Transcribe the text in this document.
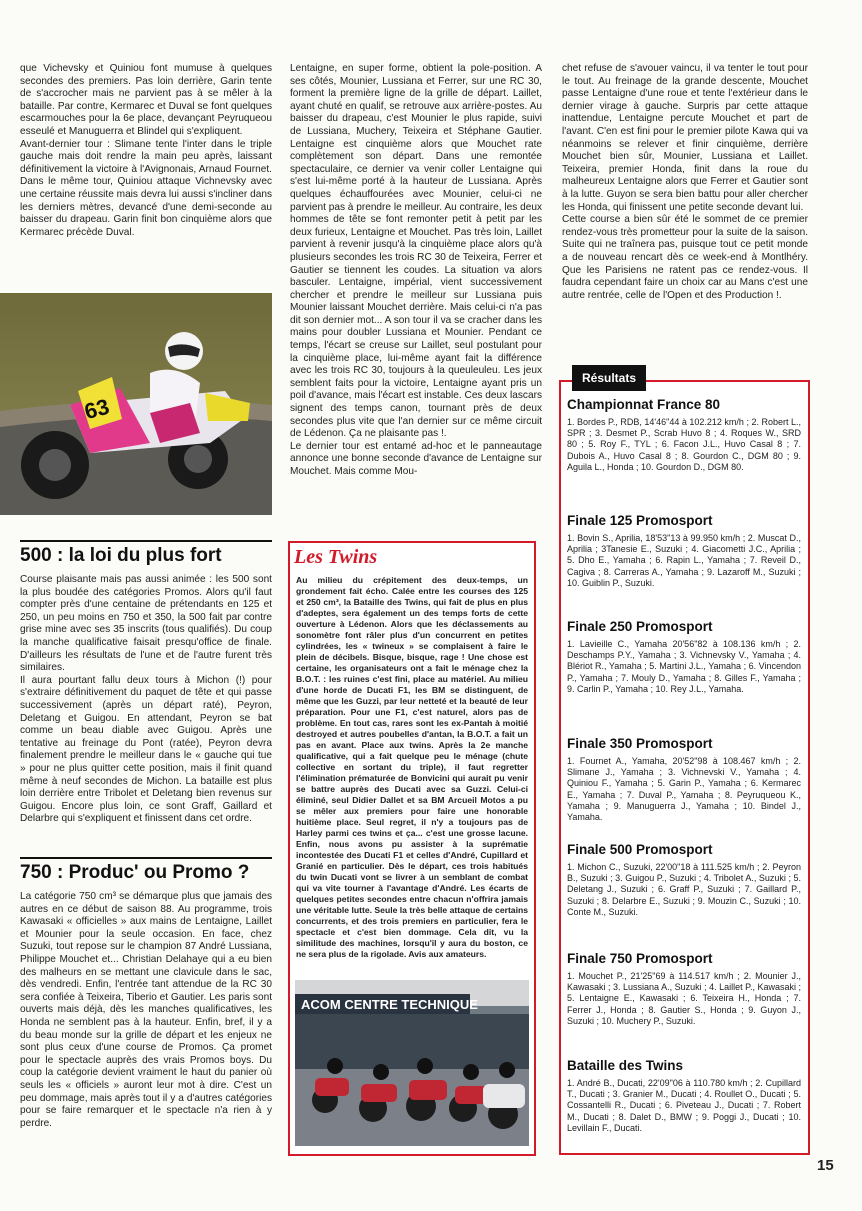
que Vichevsky et Quiniou font mumuse à quelques secondes des premiers. Pas loin derrière, Garin tente de s'accrocher mais ne parvient pas à se mêler à la bataille. Par contre, Kermarec et Duval se font quelques escarmouches pour la 6e place, devançant Peyruqueou esseulé et Manuguerra et Blindel qui s'expliquent.

Avant-dernier tour : Slimane tente l'inter dans le triple gauche mais doit rendre la main peu après, laissant définitivement la victoire à l'Avignonais, Arnaud Fournet. Dans le même tour, Quiniou attaque Vichnevsky avec une certaine réussite mais devra lui aussi s'incliner dans les derniers mètres, devancé d'une demi-seconde au baisser du drapeau. Garin finit bon cinquième alors que Kermarec précède Duval.

63
500 : la loi du plus fort

Course plaisante mais pas aussi animée : les 500 sont la plus boudée des catégories Promos. Alors qu'il faut compter près d'une centaine de prétendants en 125 et 250, un peu moins en 750 et 350, la 500 fait par contre grise mine avec ses 35 inscrits (tous qualifiés). Du coup la manche qualificative faisait presqu'office de finale. D'ailleurs les résultats de l'une et de l'autre furent très similaires.

Il aura pourtant fallu deux tours à Michon (!) pour s'extraire définitivement du paquet de tête et qui passe successivement (après un départ raté), Peyron, Deletang et Guigou. En attendant, Peyron se bat comme un beau diable avec Guigou. Après une tentative au freinage du Pont (ratée), Peyron devra finalement prendre le meilleur dans le « gauche qui tue » pour ne plus quitter cette position, mais il finit quand même à neuf secondes de Michon. La bataille est plus loin derrière entre Tribolet et Deletang bien revenus sur Guigou. Encore plus loin, ce sont Graff, Gaillard et Delarbre qui s'expliquent et finissent dans cet ordre.

750 : Produc' ou Promo ?

La catégorie 750 cm³ se démarque plus que jamais des autres en ce début de saison 88. Au programme, trois Kawasaki « officielles » aux mains de Lentaigne, Laillet et Mounier pour la seule occasion. En face, chez Suzuki, tout repose sur le champion 87 André Lussiana, Philippe Mouchet et... Christian Delahaye qui a eu bien des malheurs en se mettant une clavicule dans le sac, dès vendredi. Enfin, l'entrée tant attendue de la RC 30 sera confiée à Teixeira, Tiberio et Gautier. Les paris sont ouverts mais déjà, dès les manches qualificatives, les Honda ne semblent pas à la hauteur. Enfin, bref, il y a du beau monde sur la grille de départ et les enjeux ne sont plus ceux d'une course de Promos. Ça promet pour le spectacle auprès des vrais Promos boys. Du coup la catégorie devient vraiment le haut du panier où seuls les « officiels » auront leur mot à dire. C'est un peu dommage, mais après tout il y a d'autres catégories pour se faire remarquer et le spectacle n'a rien à y perdre.

Lentaigne, en super forme, obtient la pole-position. A ses côtés, Mounier, Lussiana et Ferrer, sur une RC 30, forment la première ligne de la grille de départ. Laillet, ayant chuté en qualif, se retrouve aux arrière-postes. Au baisser du drapeau, c'est Mounier le plus rapide, suivi de Lussiana, Muchery, Teixeira et Stéphane Gautier. Lentaigne est cinquième alors que Mouchet rate complètement son départ. Dans une remontée spectaculaire, ce dernier va venir coller Lentaigne qui s'est lui-même porté à la hauteur de Lussiana. Après quelques échauffourées avec Mounier, celui-ci ne parvient pas à prendre le meilleur. Au contraire, les deux hommes de tête se font remonter petit à petit par les deux furieux, Lentaigne et Mouchet. Pas très loin, Laillet parvient à revenir jusqu'à la cinquième place alors qu'à plusieurs secondes les trois RC 30 de Teixeira, Ferrer et Gautier se tiennent les coudes. La situation va alors basculer. Lentaigne, impérial, vient successivement chercher et prendre le meilleur sur Lussiana puis Mounier laissant Mouchet derrière. Mais celui-ci n'a pas dit son dernier mot... A son tour il va se cracher dans les mains pour doubler Lussiana et Mounier. Pendant ce temps, l'écart se creuse sur Laillet, seul postulant pour la cinquième place, lui-même ayant fait la différence avec les trois RC 30, toujours à la queuleuleu. Les jeux semblent faits pour la victoire, Lentaigne ayant pris un poil d'avance, mais l'écart est instable. Ces deux lascars signent des temps canon, tournant près de deux secondes plus vite que l'an dernier sur ce même circuit de Lédenon. Ça ne plaisante pas !.

Le dernier tour est entamé ad-hoc et le panneautage annonce une bonne seconde d'avance de Lentaigne sur Mouchet. Mais comme Mou-

Les Twins
Au milieu du crépitement des deux-temps, un grondement fait écho. Calée entre les courses des 125 et 250 cm³, la Bataille des Twins, qui fait de plus en plus d'adeptes, sera également un des temps forts de cette ouverture à Lédenon. Alors que les déclassements au sonomètre font râler plus d'un concurrent en petites cylindrées, les « twineux » se complaisent à faire le plein de décibels. Bisque, bisque, rage ! Une chose est certaine, les organisateurs ont a fait le ménage chez la B.O.T. : les ruines c'est fini, place au matériel. Au milieu d'une horde de Ducati F1, les BM se distinguent, de même que les Guzzi, par leur netteté et la beauté de leur préparation. Pour une F1, c'est naturel, alors pas de problème. En tout cas, rares sont les ex-Pantah à moitié destroyed et autres poubelles d'antan, la B.O.T. a fait un pas en avant. Place aux twins. Après la 2e manche qualificative, qui a fait quelque peu le ménage (chute collective en sortant du triple), il faut regretter l'élimination prématurée de Bonvicini qui aurait pu venir se battre auprès des Ducati avec sa Guzzi. Celui-ci éliminé, seul Didier Dallet et sa BM Arcueil Motos a pu se mêler aux premiers pour faire une honorable huitième place. Seul regret, il n'y a toujours pas de Harley parmi ces twins et ça... c'est une grosse lacune. Enfin, nous avons pu assister à la suprématie incontestée des Ducati F1 et celles d'André, Cupillard et Granié en particulier. Dès le départ, ces trois habitués du twin Ducati vont se livrer à un semblant de combat qui va vite tourner à l'avantage d'André. Les écarts de quelques petites secondes entre chacun n'offrira jamais une véritable lutte. Seule la très belle attaque de certains concurrents, et des trois premiers en particulier, fera le spectacle et c'est bien dommage. Cela dit, vu la similitude des machines, lorsqu'il y aura du boston, ce ne sera plus de la rigolade. Avis aux amateurs.
ACOM CENTRE TECHNIQUE

chet refuse de s'avouer vaincu, il va tenter le tout pour le tout. Au freinage de la grande descente, Mouchet passe Lentaigne d'une roue et tente l'extérieur dans le dernier virage à gauche. Surpris par cette attaque inattendue, Lentaigne percute Mouchet et part de l'avant. C'en est fini pour le premier pilote Kawa qui va néanmoins se relever et finir cinquième, derrière Mouchet bien sûr, Mounier, Lussiana et Laillet. Teixeira, premier Honda, finit dans la roue du malheureux Lentaigne alors que Ferrer et Gautier sont à la lutte. Guyon se sera bien battu pour aller chercher les Honda, qui finissent une petite seconde devant lui.

Cette course a bien sûr été le sommet de ce premier rendez-vous très prometteur pour la suite de la saison. Suite qui ne traînera pas, puisque tout ce petit monde a de nouveau rencart dès ce week-end à Montlhéry. Que les Parisiens ne ratent pas ce rendez-vous. Il faudra cependant faire un choix car au Mans c'est une autre rentrée, celle de l'Open et des Production !.

Championnat France 80
1. Bordes P., RDB, 14'46"44 à 102.212 km/h ; 2. Robert L., SPR ; 3. Desmet P., Scrab Huvo 8 ; 4. Roques W., SRD 80 ; 5. Roy F., TYL ; 6. Facon J.L., Huvo Casal 8 ; 7. Dubois A., Huvo Casal 8 ; 8. Gourdon C., DGM 80 ; 9. Aguila L., Honda ; 10. Gourdon D., DGM 80.
Finale 125 Promosport
1. Bovin S., Aprilia, 18'53"13 à 99.950 km/h ; 2. Muscat D., Aprilia ; 3Tanesie E., Suzuki ; 4. Giacometti J.C., Aprilia ; 5. Dho E., Yamaha ; 6. Rapin L., Yamaha ; 7. Reveil D., Cagiva ; 8. Carreras A., Yamaha ; 9. Lazaroff M., Suzuki ; 10. Guiblin P., Suzuki.
Finale 250 Promosport
1. Lavieille C., Yamaha 20'56"82 à 108.136 km/h ; 2. Deschamps P.Y., Yamaha ; 3. Vichnevsky V., Yamaha ; 4. Blériot R., Yamaha ; 5. Martini J.L., Yamaha ; 6. Vincendon P., Yamaha ; 7. Mouly D., Yamaha ; 8. Gilles F., Yamaha ; 9. Carlin P., Yamaha ; 10. Rey J.L., Yamaha.
Finale 350 Promosport
1. Fournet A., Yamaha, 20'52"98 à 108.467 km/h ; 2. Slimane J., Yamaha ; 3. Vichnevski V., Yamaha ; 4. Quiniou F., Yamaha ; 5. Garin P., Yamaha ; 6. Kermarec E., Yamaha ; 7. Duval P., Yamaha ; 8. Peyruqueou K., Yamaha ; 9. Manuguerra J., Yamaha ; 10. Bindel J., Yamaha.
Finale 500 Promosport
1. Michon C., Suzuki, 22'00"18 à 111.525 km/h ; 2. Peyron B., Suzuki ; 3. Guigou P., Suzuki ; 4. Tribolet A., Suzuki ; 5. Deletang J., Suzuki ; 6. Graff P., Suzuki ; 7. Gaillard P., Suzuki ; 8. Delarbre E., Suzuki ; 9. Mouzin C., Suzuki ; 10. Conte M., Suzuki.
Finale 750 Promosport
1. Mouchet P., 21'25"69 à 114.517 km/h ; 2. Mounier J., Kawasaki ; 3. Lussiana A., Suzuki ; 4. Laillet P., Kawasaki ; 5. Lentaigne E., Kawasaki ; 6. Teixeira H., Honda ; 7. Ferrer J., Honda ; 8. Gautier S., Honda ; 9. Guyon J., Suzuki ; 10. Muchery P., Suzuki.
Bataille des Twins
1. André B., Ducati, 22'09"06 à 110.780 km/h ; 2. Cupillard T., Ducati ; 3. Granier M., Ducati ; 4. Roullet O., Ducati ; 5. Cossantelli R., Ducati ; 6. Piveteau J., Ducati ; 7. Robert M., Ducati ; 8. Dalet D., BMW ; 9. Poggi J., Ducati ; 10. Levillain F., Ducati.
Résultats
15
